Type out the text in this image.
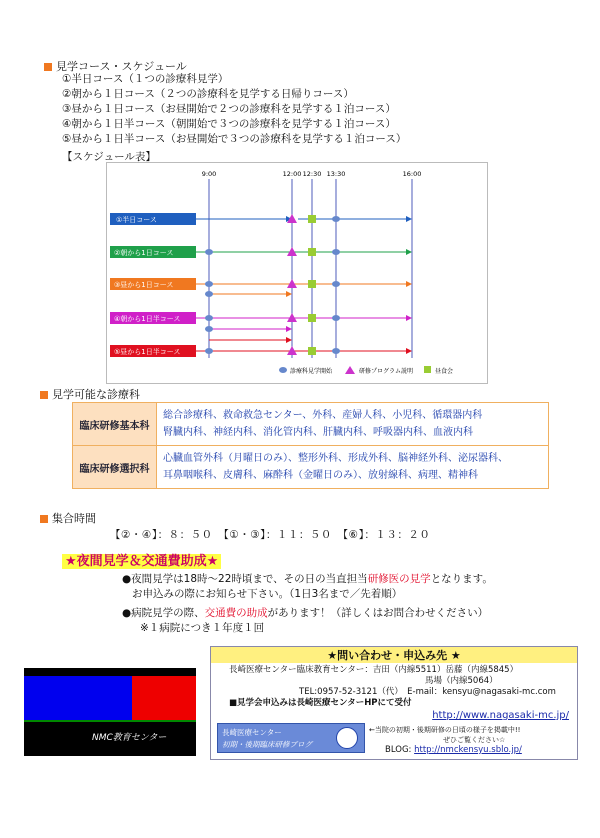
見学コース・スケジュール
①半日コース（１つの診療科見学）
②朝から１日コース（２つの診療科を見学する日帰りコース）
③昼から１日コース（お昼開始で２つの診療科を見学する１泊コース）
④朝から１日半コース（朝開始で３つの診療科を見学する１泊コース）
⑤昼から１日半コース（お昼開始で３つの診療科を見学する１泊コース）
【スケジュール表】
9:00	12:00 12:30 13:30	16:00
①半日コース
②朝から1日コース
③昼から1日コース
④朝から1日半コース
⑤昼から1日半コース
診療科見学開始	研修プログラム説明	昼食会
見学可能な診療科
臨床研修基本科	総合診療科、救命救急センター、外科、産婦人科、小児科、循環器内科
腎臓内科、神経内科、消化管内科、肝臓内科、呼吸器内科、血液内科

臨床研修選択科	心臓血管外科（月曜日のみ）、整形外科、形成外科、脳神経外科、泌尿器科、
耳鼻咽喉科、皮膚科、麻酔科（金曜日のみ）、放射線科、病理、精神科
集合時間
【②・④】：８：５０　【①・③】：１１：５０　【⑥】：１３：２０
★夜間見学＆交通費助成★
●夜間見学は18時～22時頃まで、その日の当直担当研修医の見学となります。
お申込みの際にお知らせ下さい。（1日3名まで／先着順）
●病院見学の際、交通費の助成があります！（詳しくはお問合わせください）
※１病院につき１年度１回
NMC教育センター
★問い合わせ・申込み先 ★
長崎医療センター臨床教育センター：吉田（内線5511）岳藤（内線5845）
馬場（内線5064）
TEL:0957-52-3121（代）　E-mail：kensyu@nagasaki-mc.com
■見学会申込みは長崎医療センターHPにて受付
http://www.nagasaki-mc.jp/
長崎医療センター
初期・後期臨床研修ブログ
←当院の初期・後期研修の日頃の様子を掲載中!!
ぜひご覧ください☆
BLOG: http://nmckensyu.sblo.jp/
